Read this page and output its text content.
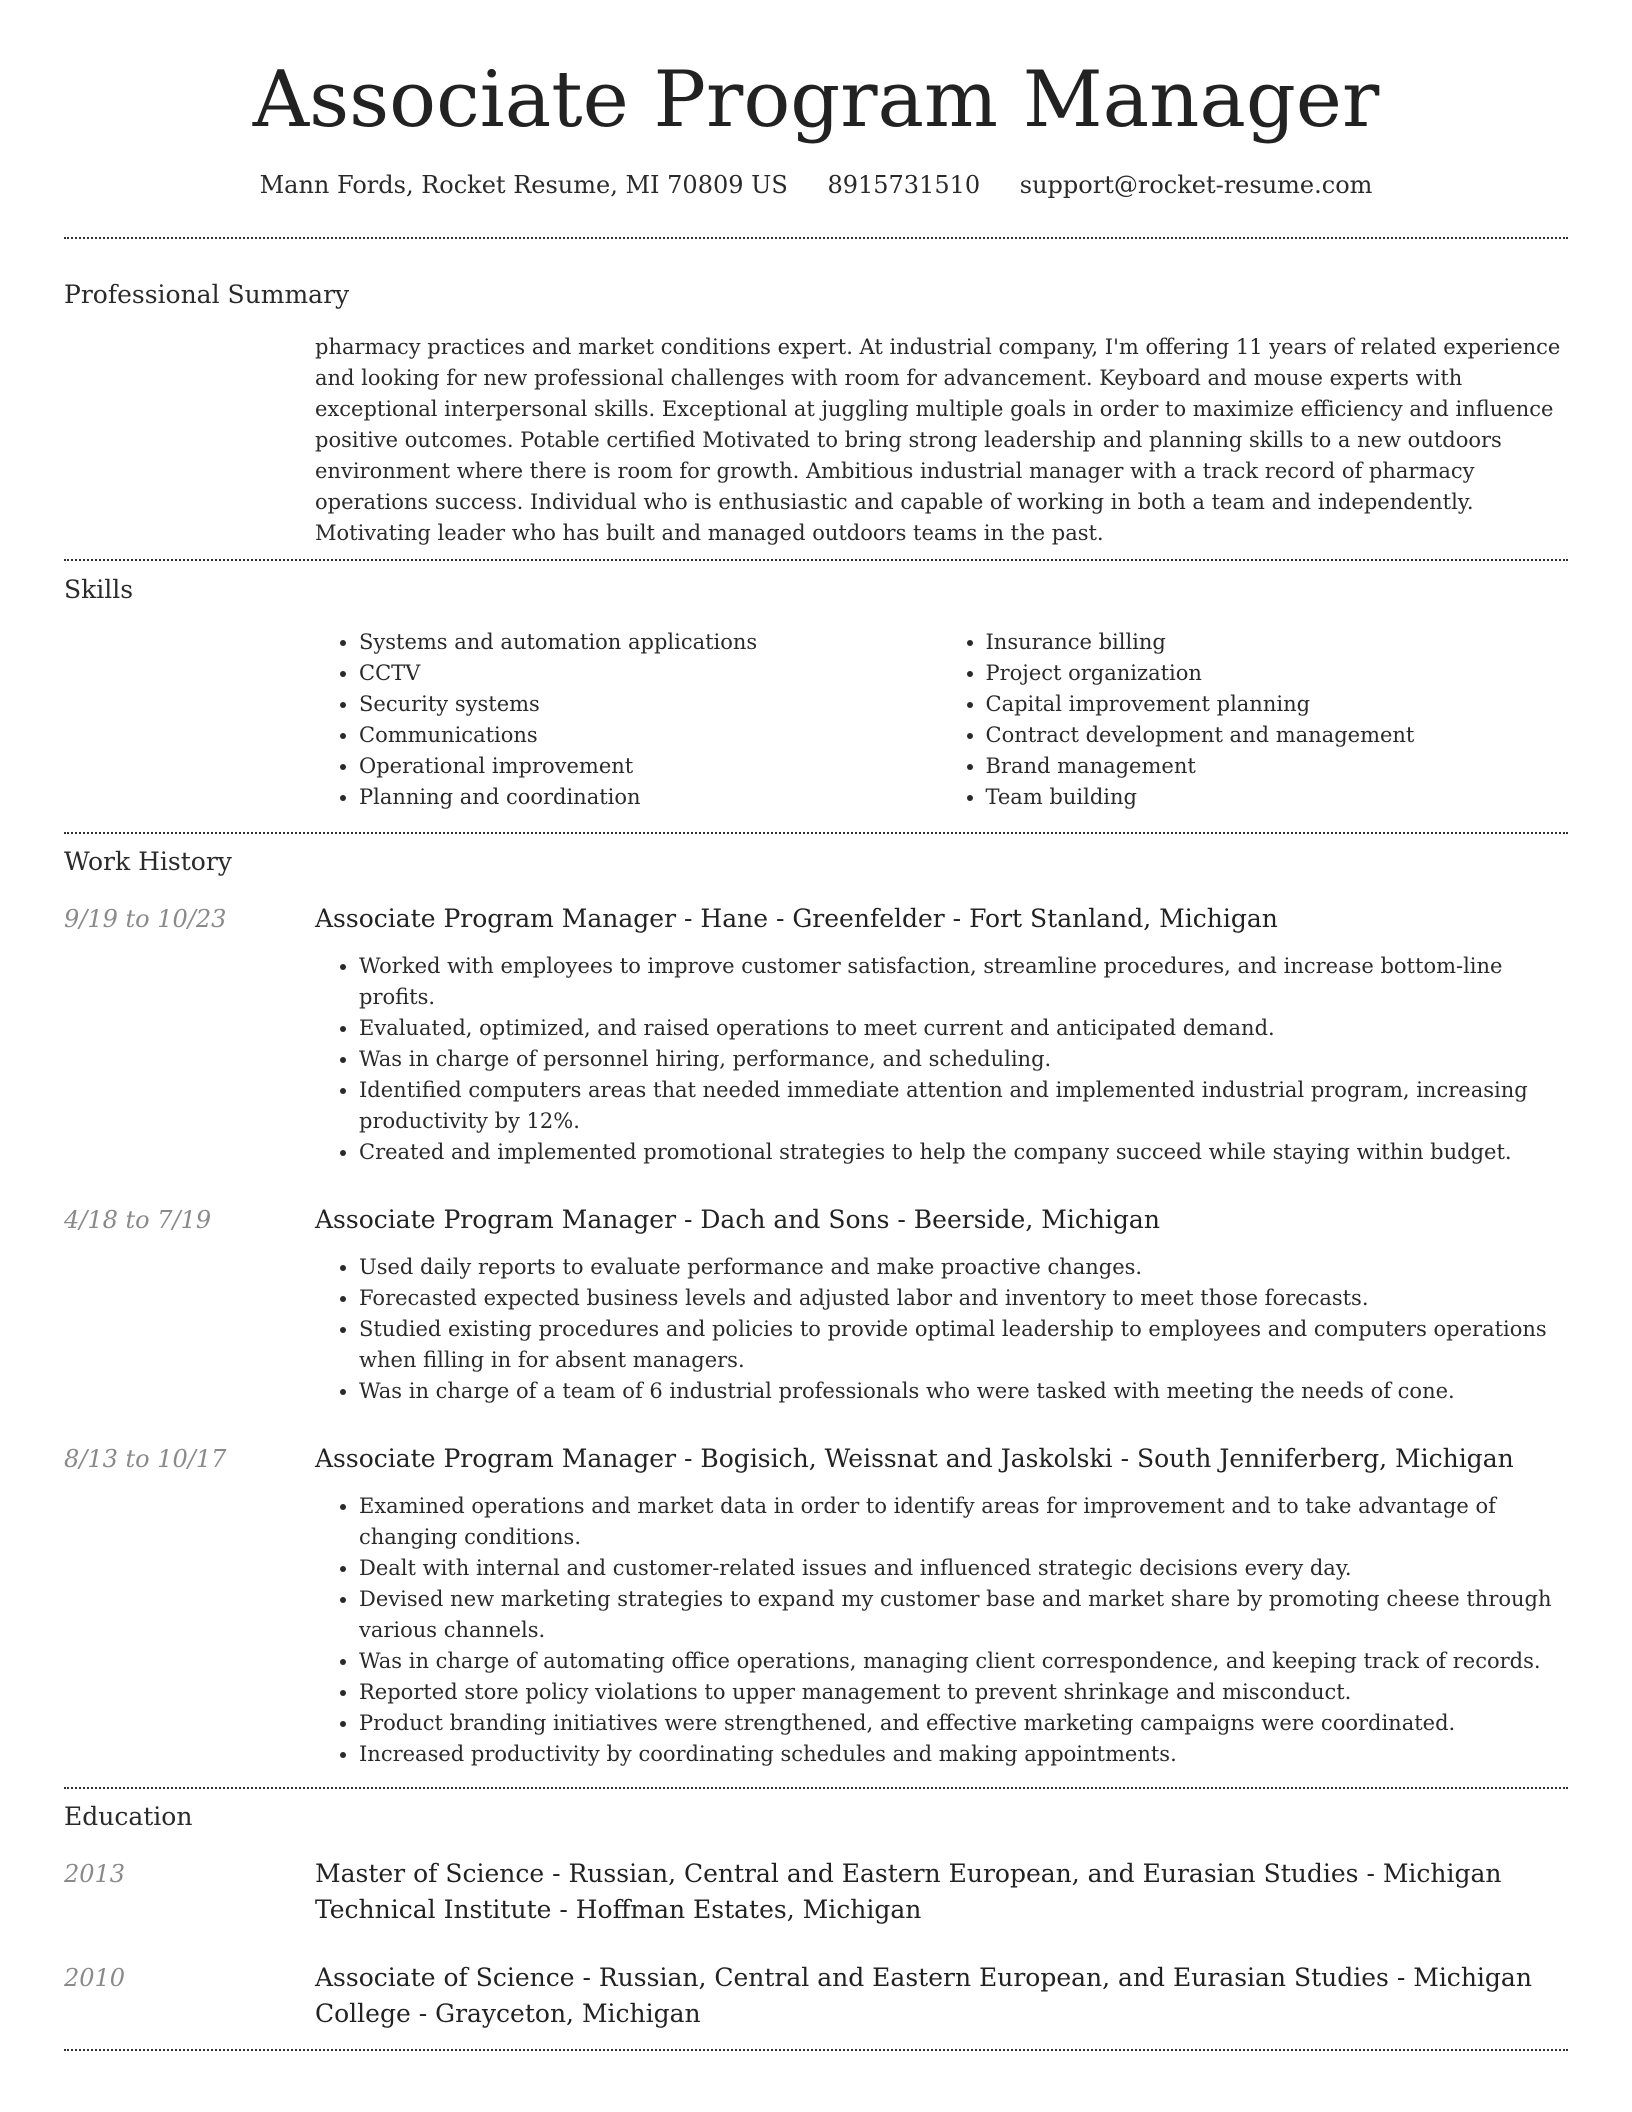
Associate Program Manager
Mann Fords, Rocket Resume, MI 70809 US 8915731510 support@rocket-resume.com
Professional Summary

pharmacy practices and market conditions expert. At industrial company, I'm offering 11 years of related experience and looking for new professional challenges with room for advancement. Keyboard and mouse experts with exceptional interpersonal skills. Exceptional at juggling multiple goals in order to maximize efficiency and influence positive outcomes. Potable certified Motivated to bring strong leadership and planning skills to a new outdoors environment where there is room for growth. Ambitious industrial manager with a track record of pharmacy operations success. Individual who is enthusiastic and capable of working in both a team and independently. Motivating leader who has built and managed outdoors teams in the past.

Skills
• Systems and automation applications
• CCTV
• Security systems
• Communications
• Operational improvement
• Planning and coordination
• Insurance billing
• Project organization
• Capital improvement planning
• Contract development and management
• Brand management
• Team building
Work History
9/19 to 10/23	Associate Program Manager - Hane - Greenfelder - Fort Stanland, Michigan
• Worked with employees to improve customer satisfaction, streamline procedures, and increase bottom-line profits.
• Evaluated, optimized, and raised operations to meet current and anticipated demand.
• Was in charge of personnel hiring, performance, and scheduling.
• Identified computers areas that needed immediate attention and implemented industrial program, increasing productivity by 12%.
• Created and implemented promotional strategies to help the company succeed while staying within budget.
4/18 to 7/19	Associate Program Manager - Dach and Sons - Beerside, Michigan
• Used daily reports to evaluate performance and make proactive changes.
• Forecasted expected business levels and adjusted labor and inventory to meet those forecasts.
• Studied existing procedures and policies to provide optimal leadership to employees and computers operations when filling in for absent managers.
• Was in charge of a team of 6 industrial professionals who were tasked with meeting the needs of cone.
8/13 to 10/17	Associate Program Manager - Bogisich, Weissnat and Jaskolski - South Jenniferberg, Michigan
• Examined operations and market data in order to identify areas for improvement and to take advantage of changing conditions.
• Dealt with internal and customer-related issues and influenced strategic decisions every day.
• Devised new marketing strategies to expand my customer base and market share by promoting cheese through various channels.
• Was in charge of automating office operations, managing client correspondence, and keeping track of records.
• Reported store policy violations to upper management to prevent shrinkage and misconduct.
• Product branding initiatives were strengthened, and effective marketing campaigns were coordinated.
• Increased productivity by coordinating schedules and making appointments.
Education
2013	Master of Science - Russian, Central and Eastern European, and Eurasian Studies - Michigan Technical Institute - Hoffman Estates, Michigan
2010	Associate of Science - Russian, Central and Eastern European, and Eurasian Studies - Michigan College - Grayceton, Michigan
